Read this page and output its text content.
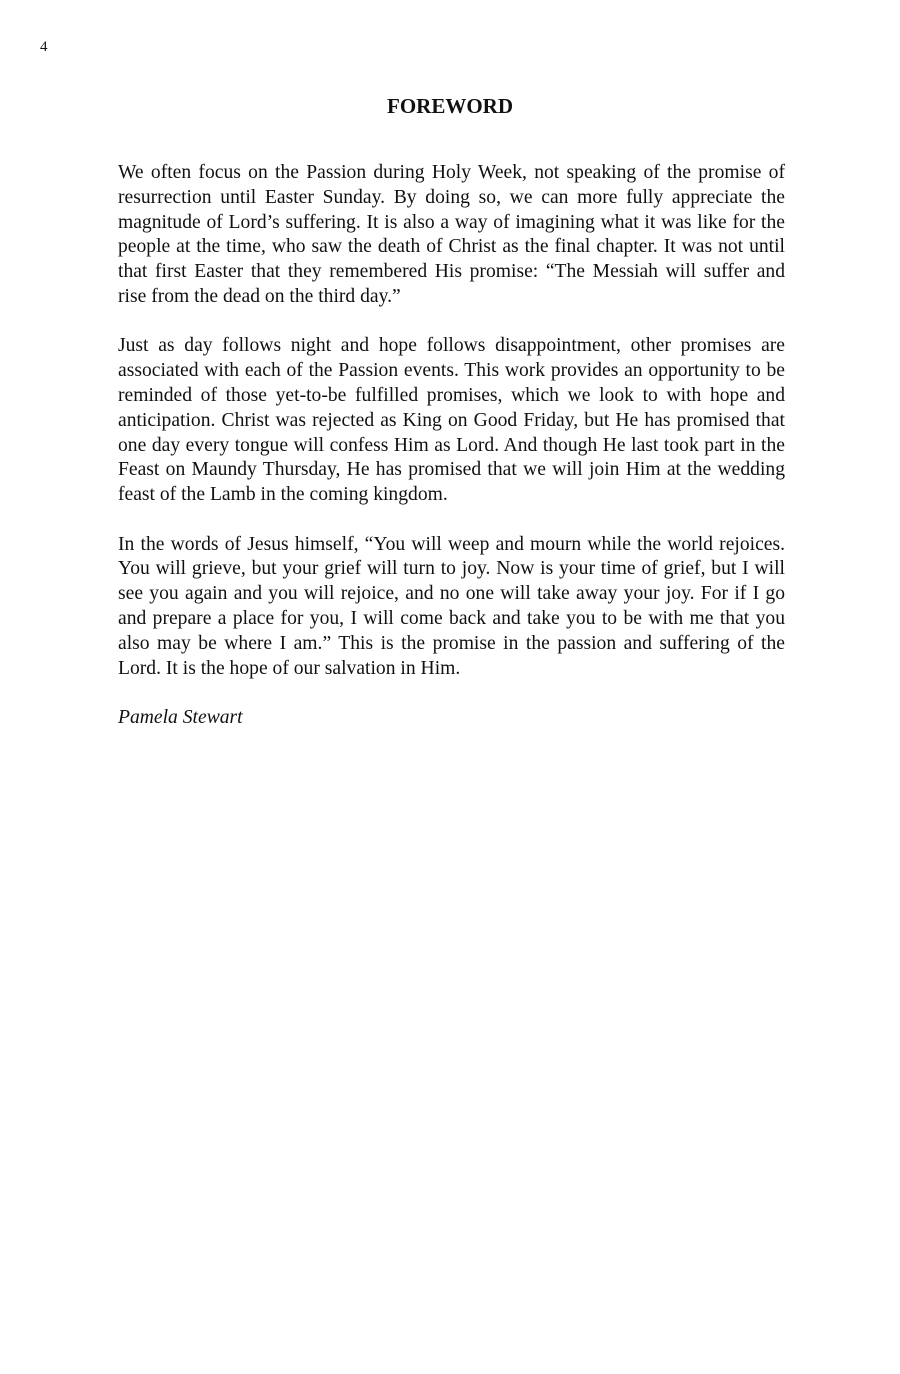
4
FOREWORD

We often focus on the Passion during Holy Week, not speaking of the promise of resurrection until Easter Sunday. By doing so, we can more fully appreciate the magnitude of Lord’s suffering. It is also a way of imagining what it was like for the people at the time, who saw the death of Christ as the final chapter. It was not until that first Easter that they remembered His promise: “The Messiah will suffer and rise from the dead on the third day.”

Just as day follows night and hope follows disappointment, other promises are associated with each of the Passion events. This work provides an opportunity to be reminded of those yet-to-be fulfilled promises, which we look to with hope and anticipation. Christ was rejected as King on Good Friday, but He has promised that one day every tongue will confess Him as Lord. And though He last took part in the Feast on Maundy Thursday, He has promised that we will join Him at the wedding feast of the Lamb in the coming kingdom.

In the words of Jesus himself, “You will weep and mourn while the world rejoices. You will grieve, but your grief will turn to joy. Now is your time of grief, but I will see you again and you will rejoice, and no one will take away your joy. For if I go and prepare a place for you, I will come back and take you to be with me that you also may be where I am.” This is the promise in the passion and suffering of the Lord. It is the hope of our salvation in Him.

Pamela Stewart
